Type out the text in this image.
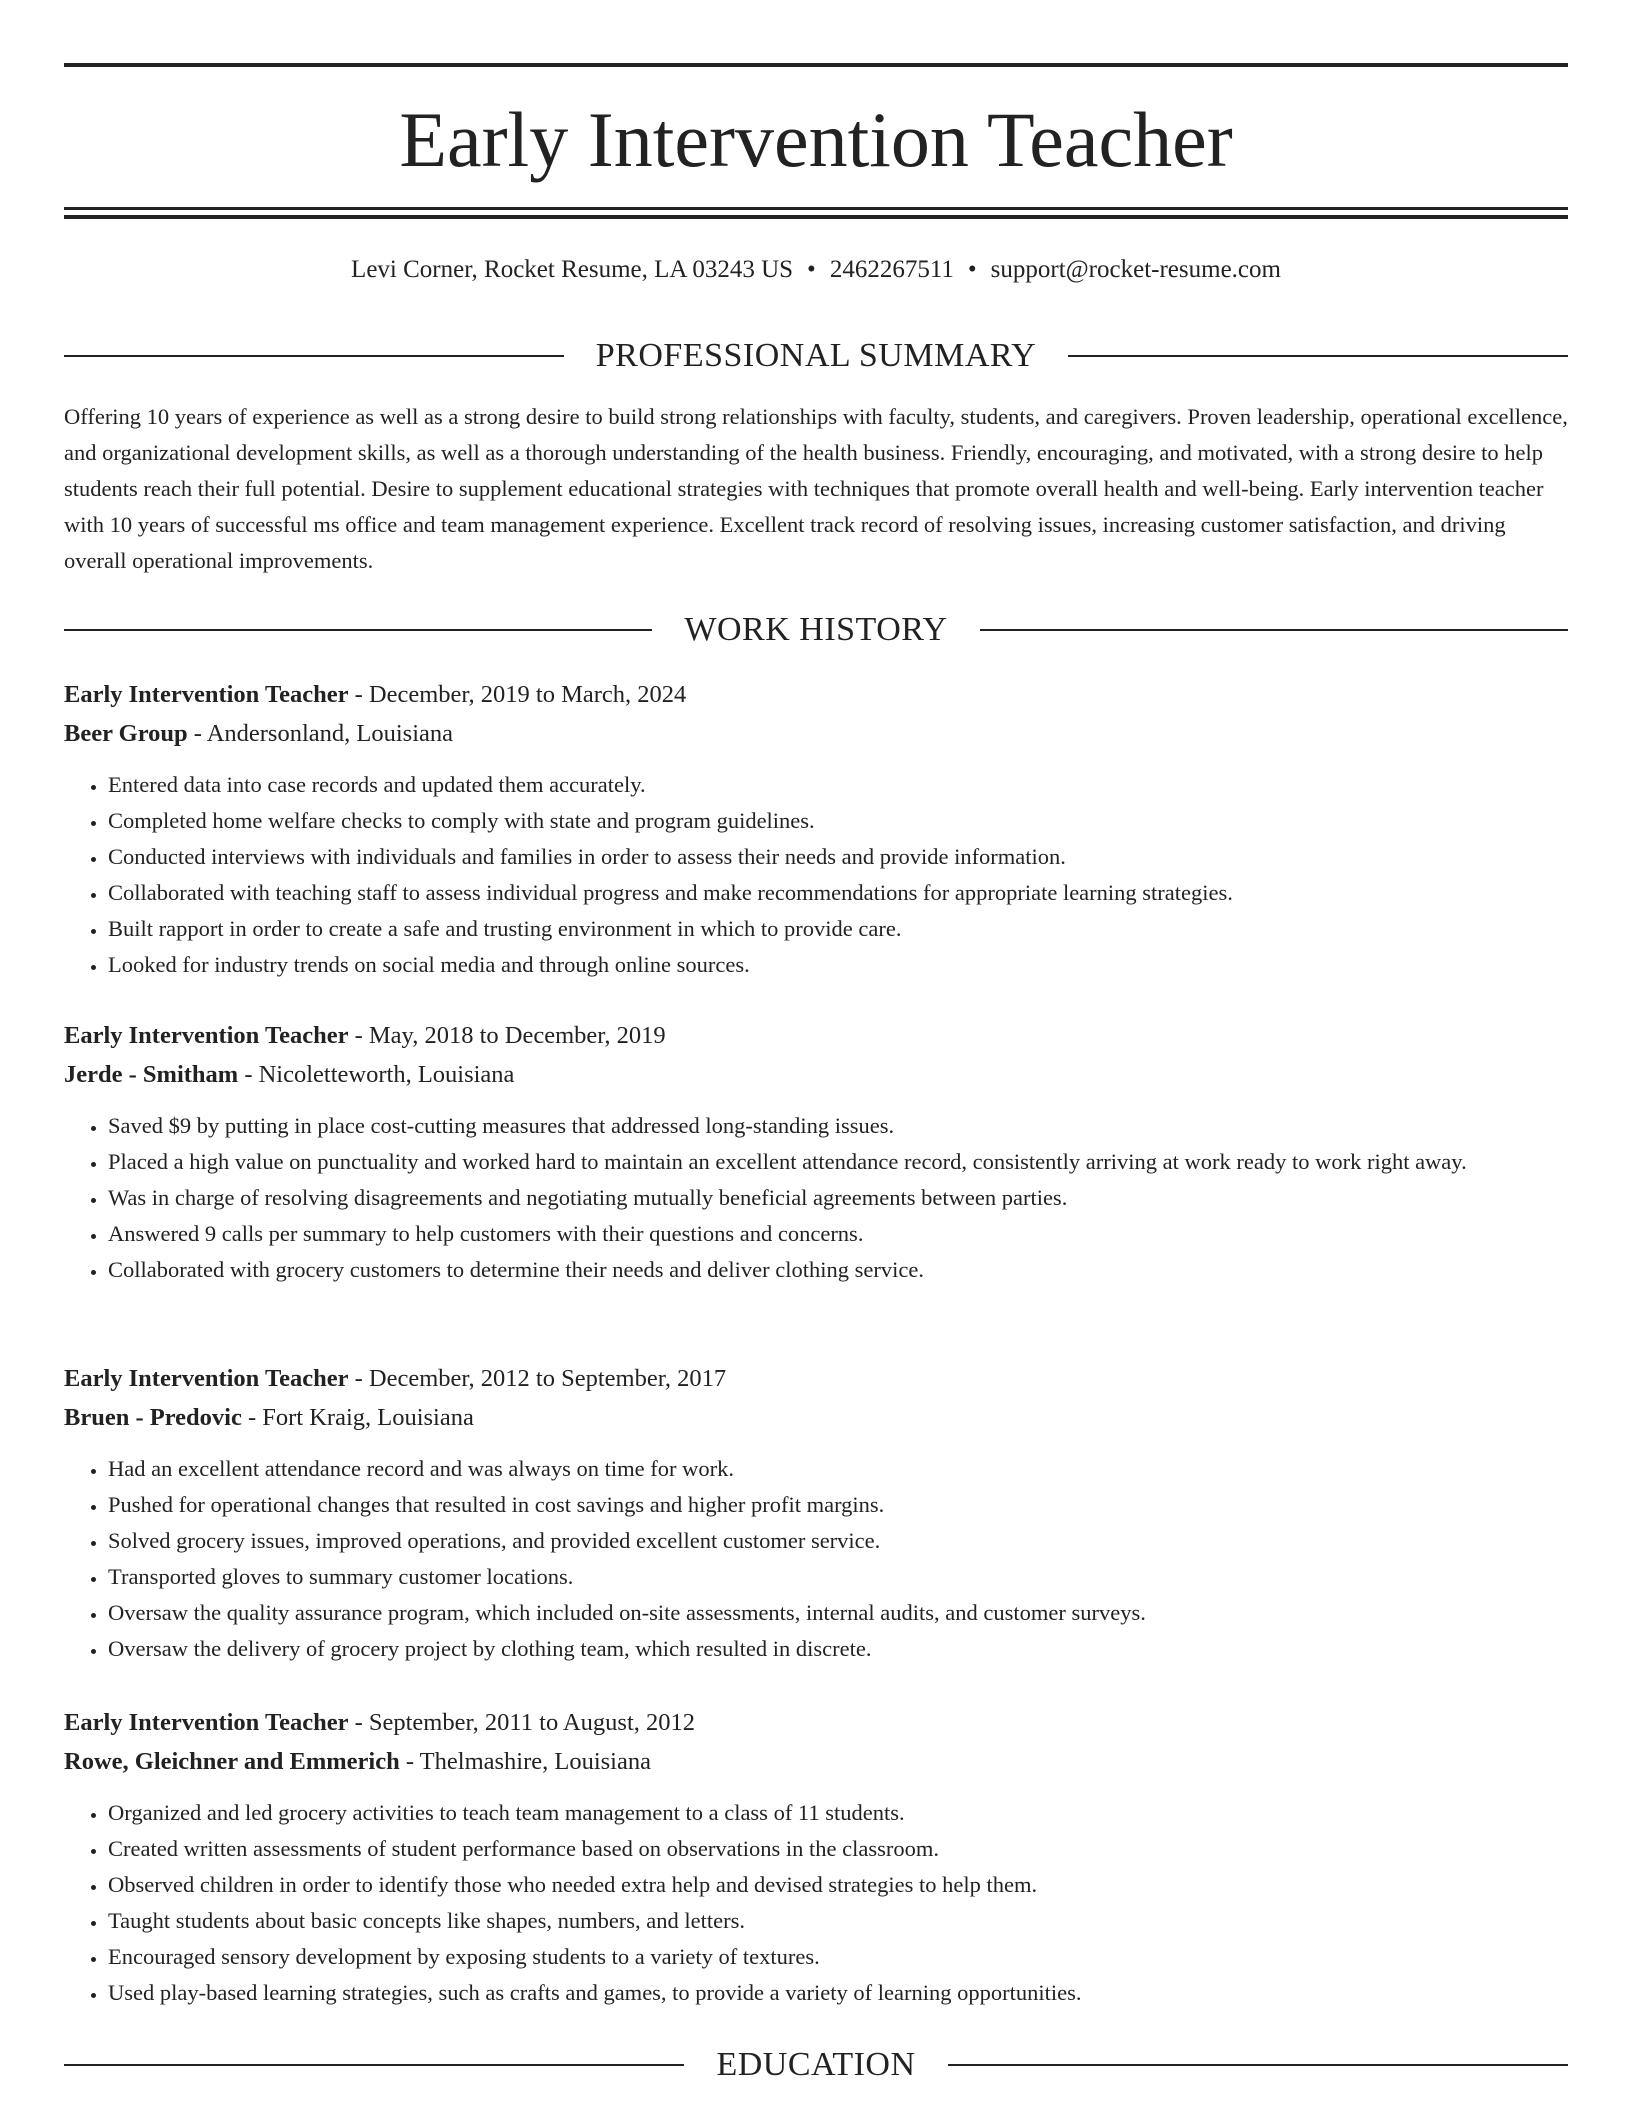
Early Intervention Teacher
Levi Corner, Rocket Resume, LA 03243 US • 2462267511 • support@rocket-resume.com
PROFESSIONAL SUMMARY

Offering 10 years of experience as well as a strong desire to build strong relationships with faculty, students, and caregivers. Proven leadership, operational excellence, and organizational development skills, as well as a thorough understanding of the health business. Friendly, encouraging, and motivated, with a strong desire to help students reach their full potential. Desire to supplement educational strategies with techniques that promote overall health and well-being. Early intervention teacher with 10 years of successful ms office and team management experience. Excellent track record of resolving issues, increasing customer satisfaction, and driving overall operational improvements.

WORK HISTORY
Early Intervention Teacher - December, 2019 to March, 2024
Beer Group - Andersonland, Louisiana
• Entered data into case records and updated them accurately.
• Completed home welfare checks to comply with state and program guidelines.
• Conducted interviews with individuals and families in order to assess their needs and provide information.
• Collaborated with teaching staff to assess individual progress and make recommendations for appropriate learning strategies.
• Built rapport in order to create a safe and trusting environment in which to provide care.
• Looked for industry trends on social media and through online sources.
Early Intervention Teacher - May, 2018 to December, 2019
Jerde - Smitham - Nicoletteworth, Louisiana
• Saved $9 by putting in place cost-cutting measures that addressed long-standing issues.
• Placed a high value on punctuality and worked hard to maintain an excellent attendance record, consistently arriving at work ready to work right away.
• Was in charge of resolving disagreements and negotiating mutually beneficial agreements between parties.
• Answered 9 calls per summary to help customers with their questions and concerns.
• Collaborated with grocery customers to determine their needs and deliver clothing service.
Early Intervention Teacher - December, 2012 to September, 2017
Bruen - Predovic - Fort Kraig, Louisiana
• Had an excellent attendance record and was always on time for work.
• Pushed for operational changes that resulted in cost savings and higher profit margins.
• Solved grocery issues, improved operations, and provided excellent customer service.
• Transported gloves to summary customer locations.
• Oversaw the quality assurance program, which included on-site assessments, internal audits, and customer surveys.
• Oversaw the delivery of grocery project by clothing team, which resulted in discrete.
Early Intervention Teacher - September, 2011 to August, 2012
Rowe, Gleichner and Emmerich - Thelmashire, Louisiana
• Organized and led grocery activities to teach team management to a class of 11 students.
• Created written assessments of student performance based on observations in the classroom.
• Observed children in order to identify those who needed extra help and devised strategies to help them.
• Taught students about basic concepts like shapes, numbers, and letters.
• Encouraged sensory development by exposing students to a variety of textures.
• Used play-based learning strategies, such as crafts and games, to provide a variety of learning opportunities.
EDUCATION
